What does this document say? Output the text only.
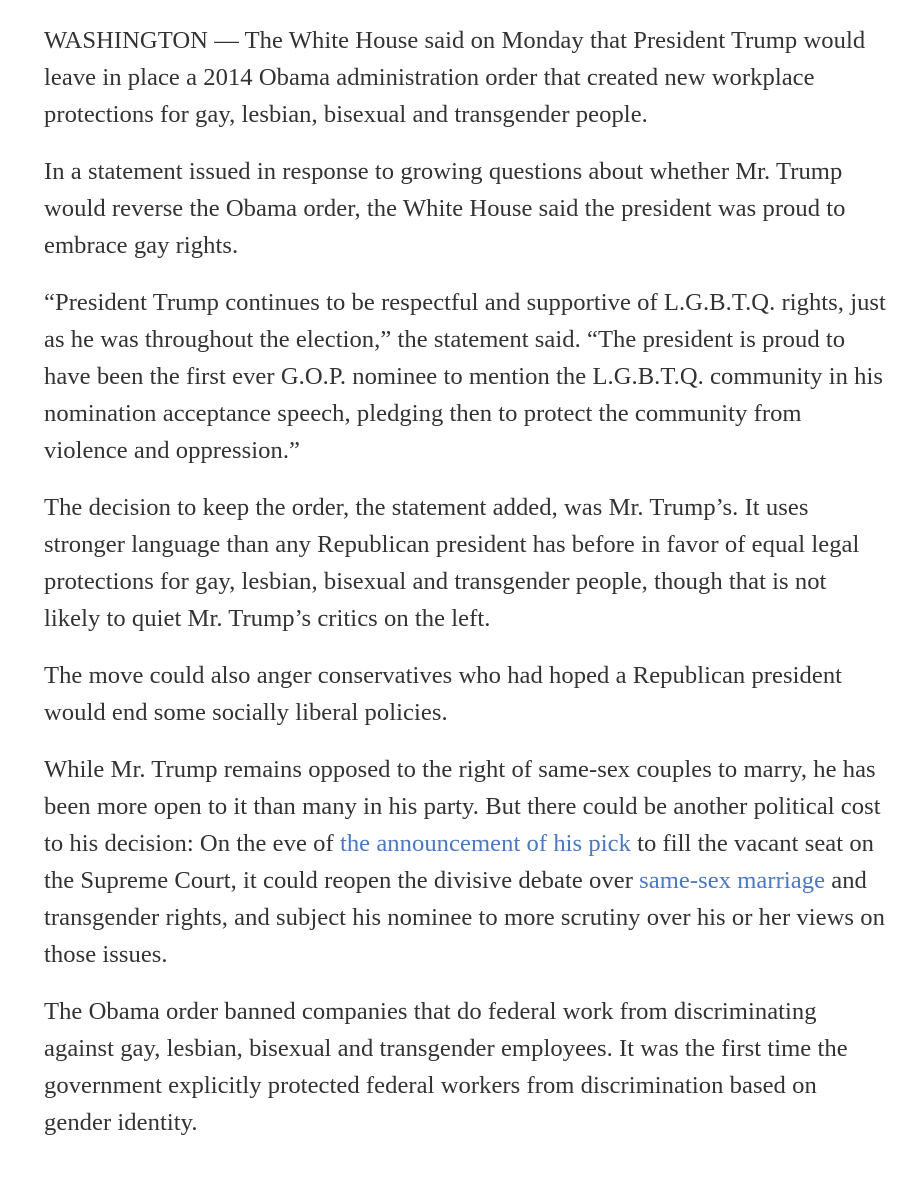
WASHINGTON — The White House said on Monday that President Trump would leave in place a 2014 Obama administration order that created new workplace protections for gay, lesbian, bisexual and transgender people.

In a statement issued in response to growing questions about whether Mr. Trump would reverse the Obama order, the White House said the president was proud to embrace gay rights.

“President Trump continues to be respectful and supportive of L.G.B.T.Q. rights, just as he was throughout the election,” the statement said. “The president is proud to have been the first ever G.O.P. nominee to mention the L.G.B.T.Q. community in his nomination acceptance speech, pledging then to protect the community from violence and oppression.”

The decision to keep the order, the statement added, was Mr. Trump’s. It uses stronger language than any Republican president has before in favor of equal legal protections for gay, lesbian, bisexual and transgender people, though that is not likely to quiet Mr. Trump’s critics on the left.

The move could also anger conservatives who had hoped a Republican president would end some socially liberal policies.

While Mr. Trump remains opposed to the right of same-sex couples to marry, he has been more open to it than many in his party. But there could be another political cost to his decision: On the eve of the announcement of his pick to fill the vacant seat on the Supreme Court, it could reopen the divisive debate over same-sex marriage and transgender rights, and subject his nominee to more scrutiny over his or her views on those issues.

The Obama order banned companies that do federal work from discriminating against gay, lesbian, bisexual and transgender employees. It was the first time the government explicitly protected federal workers from discrimination based on gender identity.
